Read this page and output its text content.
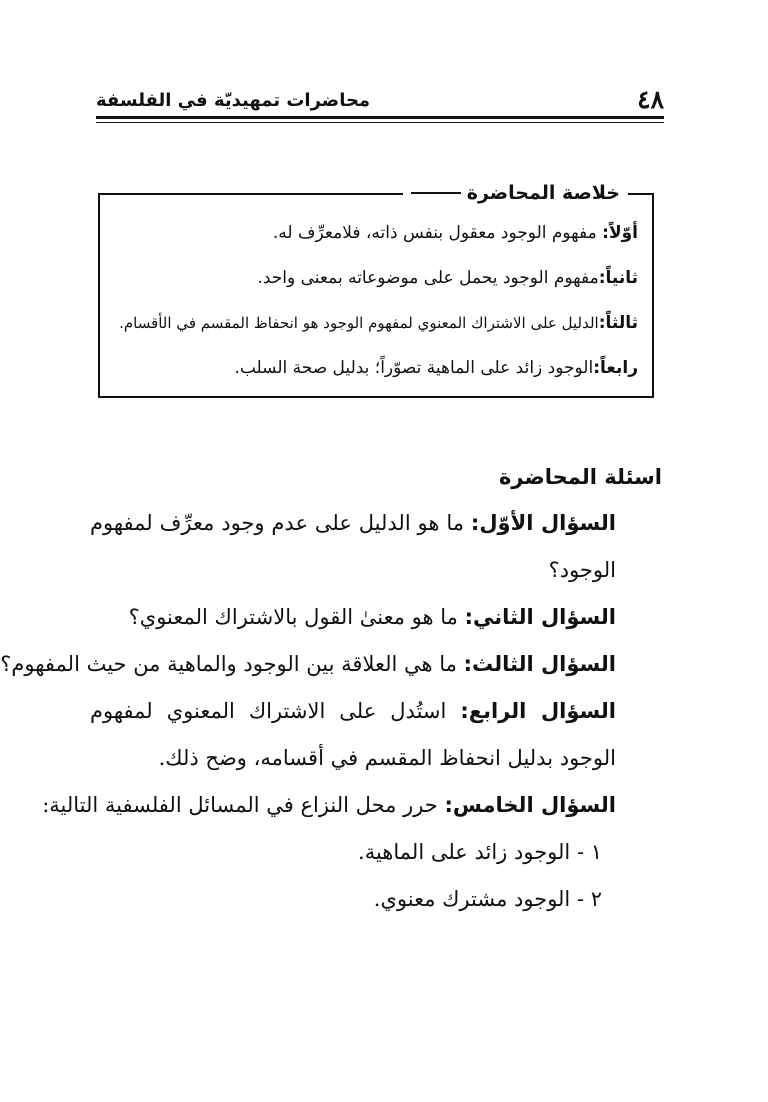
٤٨
محاضرات تمهيديّة في الفلسفة
خلاصة المحاضرة
أوّلاً: مفهوم الوجود معقول بنفس ذاته، فلامعرِّف له.
ثانياً:مفهوم الوجود يحمل على موضوعاته بمعنى واحد.
ثالثاً:الدليل على الاشتراك المعنوي لمفهوم الوجود هو انحفاظ المقسم في الأقسام.
رابعاً:الوجود زائد على الماهية تصوّراً؛ بدليل صحة السلب.
اسئلة المحاضرة
السؤال الأوّل: ما هو الدليل على عدم وجود معرِّف لمفهوم الوجود؟
السؤال الثاني: ما هو معنىٰ القول بالاشتراك المعنوي؟
السؤال الثالث: ما هي العلاقة بين الوجود والماهية من حيث المفهوم؟
السؤال الرابع: استُدل على الاشتراك المعنوي لمفهوم الوجود بدليل انحفاظ المقسم في أقسامه، وضح ذلك.
السؤال الخامس: حرر محل النزاع في المسائل الفلسفية التالية:
١ - الوجود زائد على الماهية.
٢ - الوجود مشترك معنوي.
